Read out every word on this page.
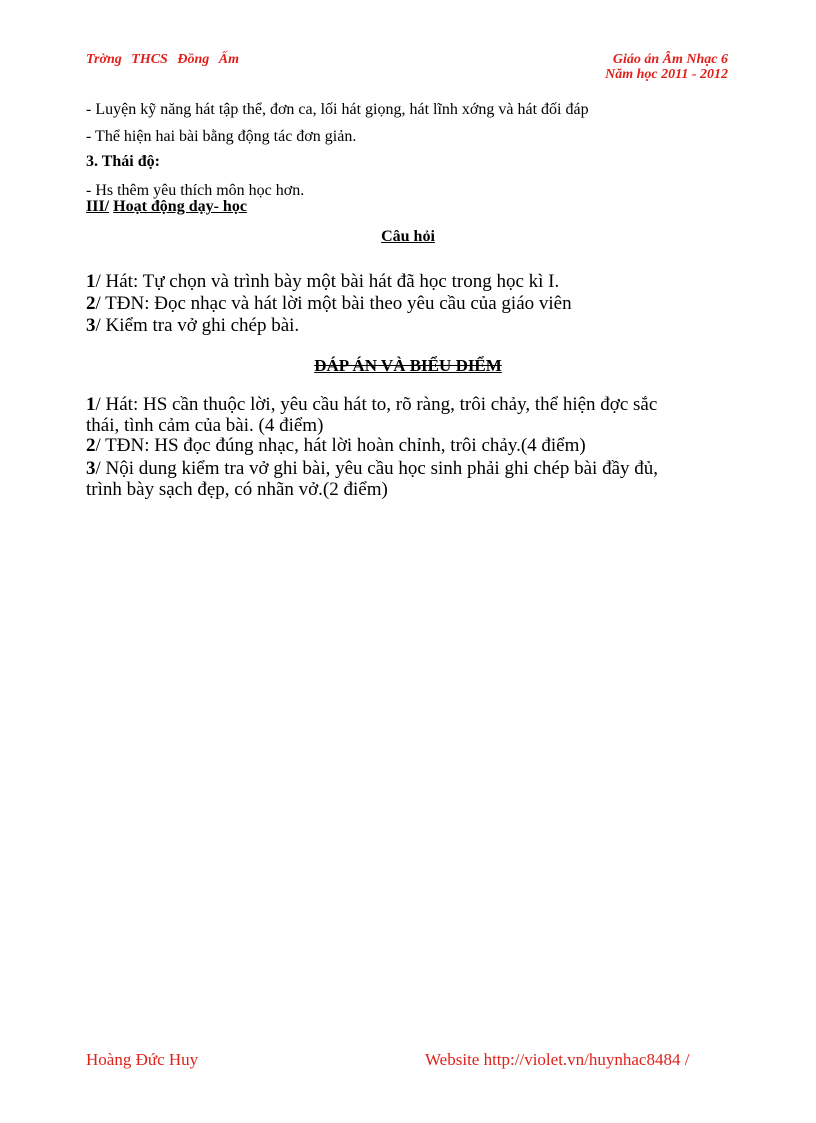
Trờng THCS Đồng Ấm	Giáo án Âm Nhạc 6
Năm học 2011 - 2012
- Luyện kỹ năng hát tập thể, đơn ca, lối hát giọng, hát lĩnh xớng và hát đối đáp
- Thể hiện hai bài bằng động tác đơn giản.
3. Thái độ:
- Hs thêm yêu thích môn học hơn.
III/ Hoạt động dạy- học
Câu hỏi
1/ Hát: Tự chọn và trình bày một bài hát đã học trong học kì I.
2/ TĐN: Đọc nhạc và hát lời một bài theo yêu cầu của giáo viên
3/ Kiểm tra vở ghi chép bài.
ĐÁP ÁN VÀ BIỂU ĐIỂM
1/ Hát: HS cần thuộc lời, yêu cầu hát to, rõ ràng, trôi chảy, thể hiện đợc sắc
thái, tình cảm của bài. (4 điểm)
2/ TĐN: HS đọc đúng nhạc, hát lời hoàn chỉnh, trôi chảy.(4 điểm)
3/ Nội dung kiểm tra vở ghi bài, yêu cầu học sinh phải ghi chép bài đầy đủ,
trình bày sạch đẹp, có nhãn vở.(2 điểm)
Hoàng Đức Huy	Website http://violet.vn/huynhac8484 /
